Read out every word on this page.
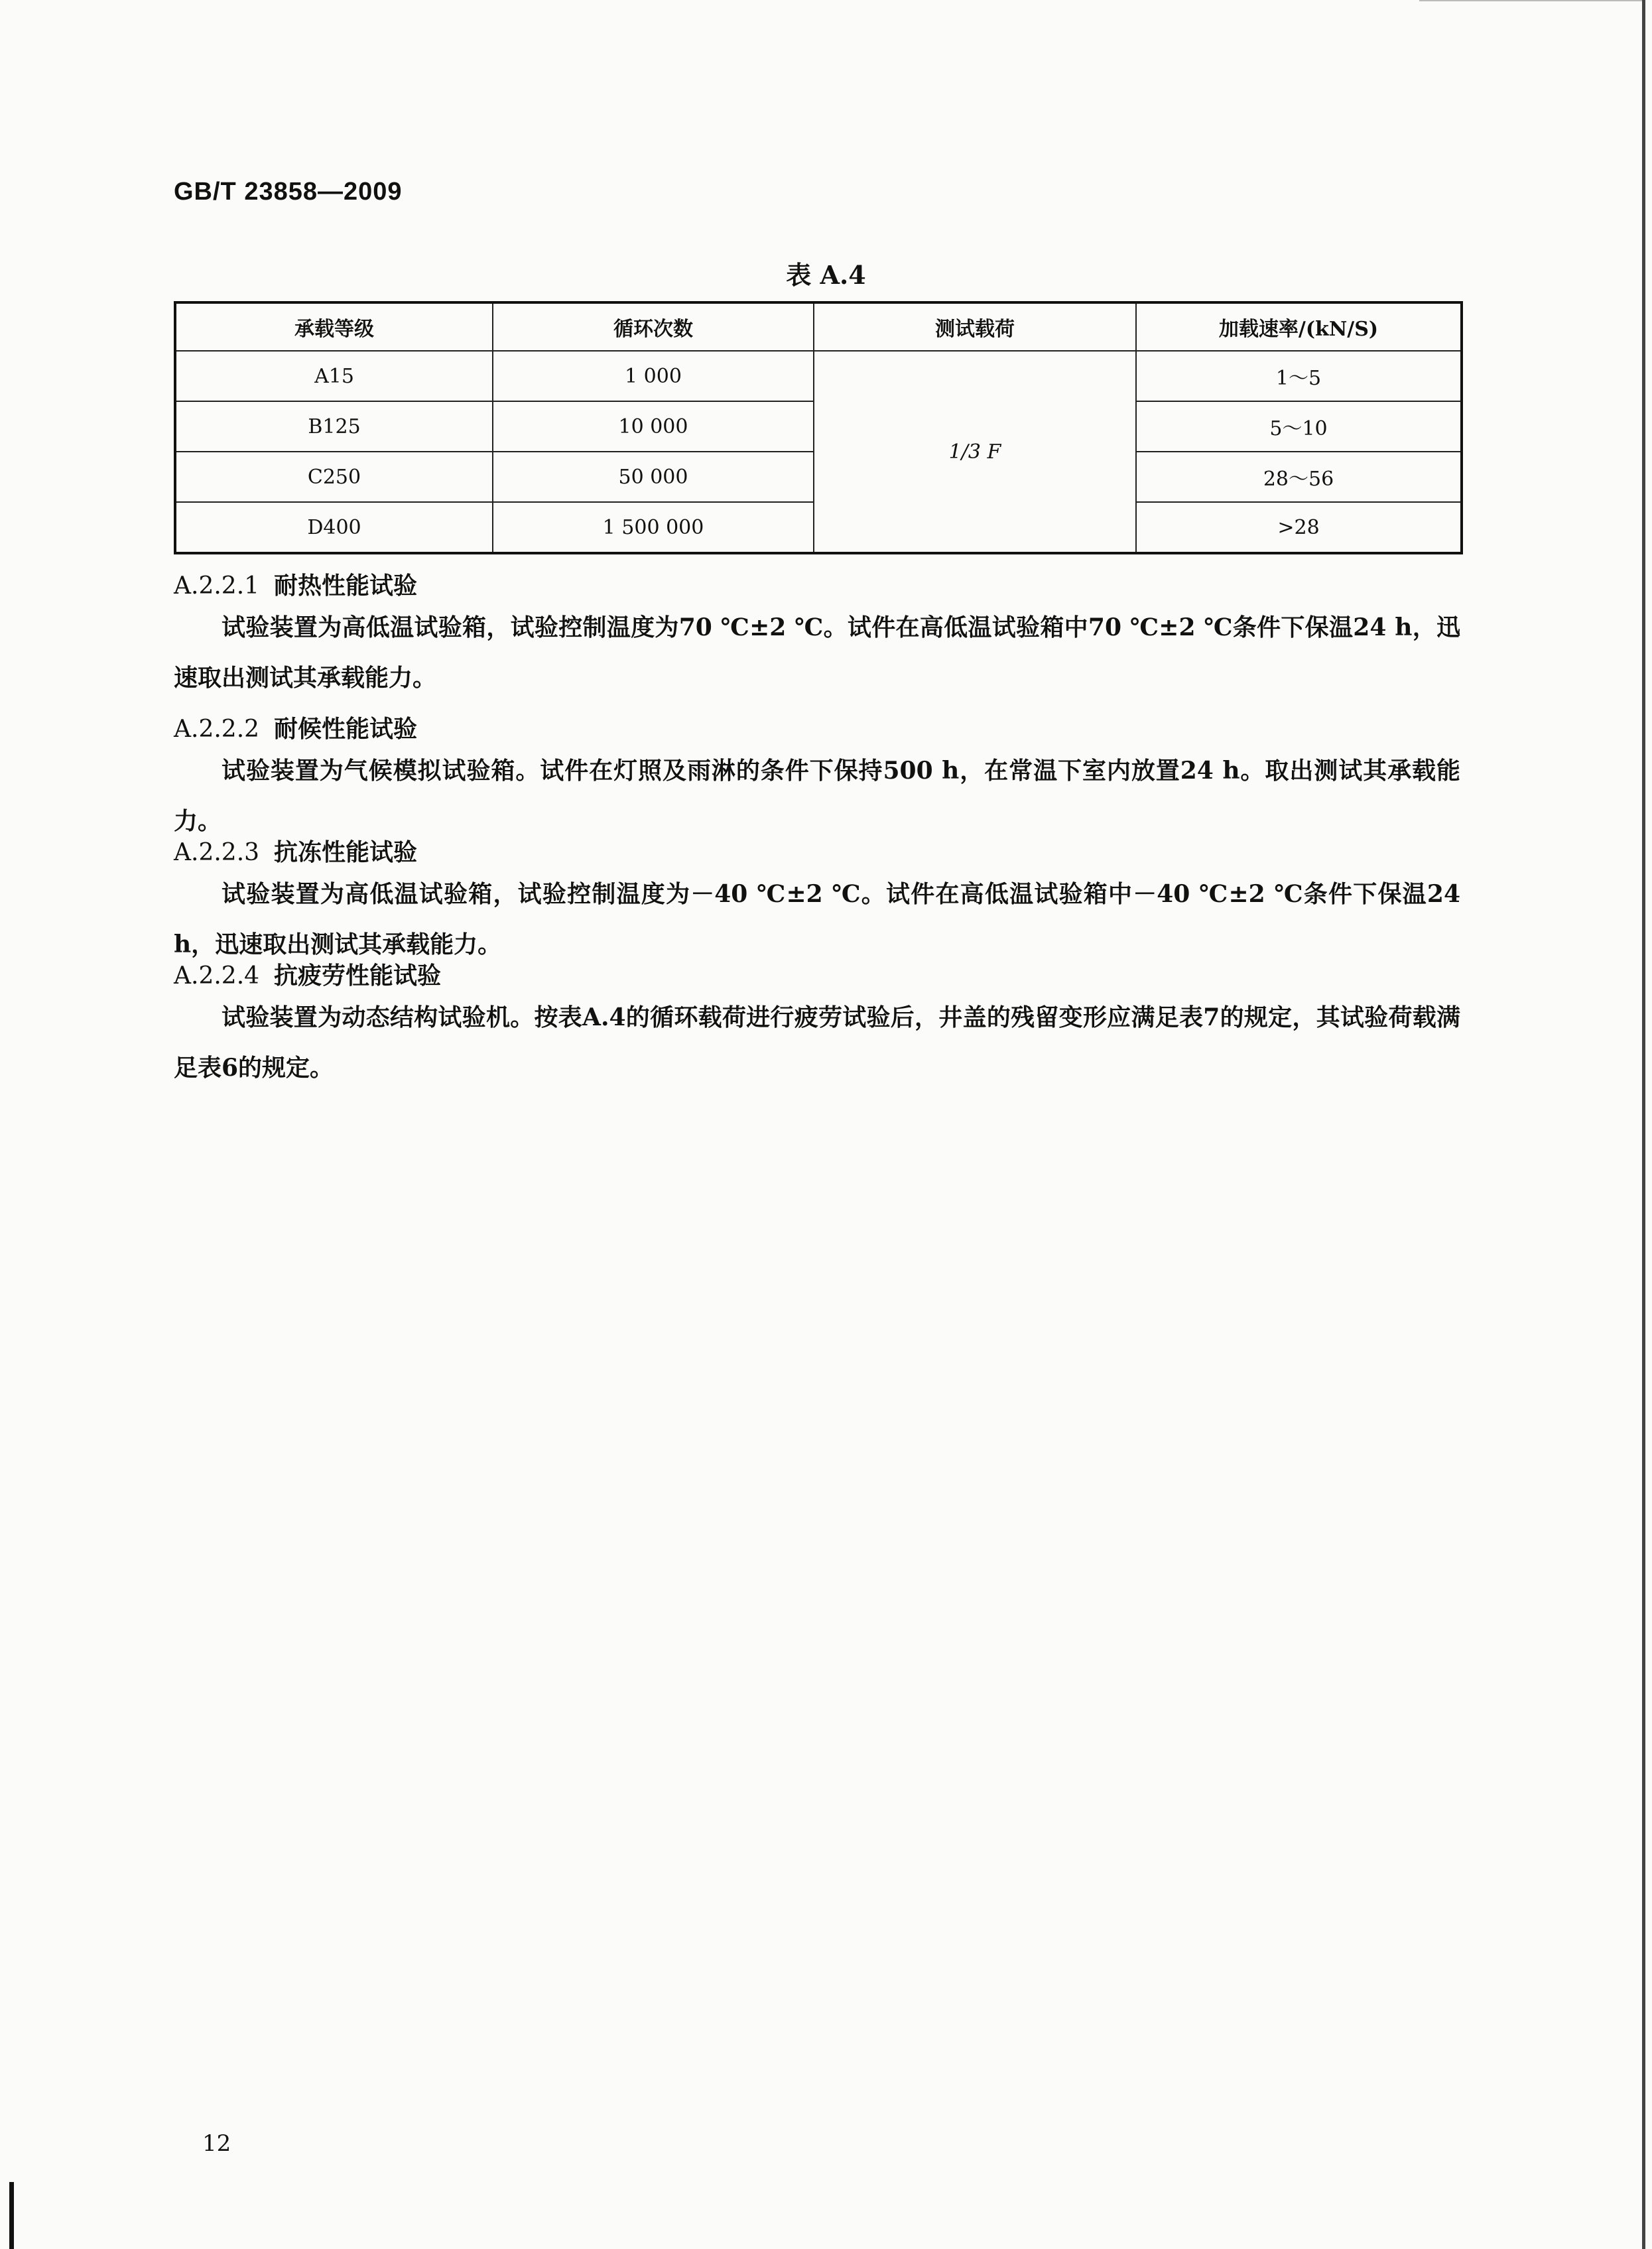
GB/T 23858—2009
表 A.4
承载等级	循环次数	测试载荷	加载速率/(kN/S)
A15	1 000	1/3 F	1～5
B125	10 000		5～10
C250	50 000		28～56
D400	1 500 000		>28
A.2.2.1 耐热性能试验
试验装置为高低温试验箱，试验控制温度为70 ℃±2 ℃。试件在高低温试验箱中70 ℃±2 ℃条件下保温24 h，迅速取出测试其承载能力。
A.2.2.2 耐候性能试验
试验装置为气候模拟试验箱。试件在灯照及雨淋的条件下保持500 h，在常温下室内放置24 h。取出测试其承载能力。
A.2.2.3 抗冻性能试验
试验装置为高低温试验箱，试验控制温度为－40 ℃±2 ℃。试件在高低温试验箱中－40 ℃±2 ℃条件下保温24 h，迅速取出测试其承载能力。
A.2.2.4 抗疲劳性能试验
试验装置为动态结构试验机。按表A.4的循环载荷进行疲劳试验后，井盖的残留变形应满足表7的规定，其试验荷载满足表6的规定。
12
